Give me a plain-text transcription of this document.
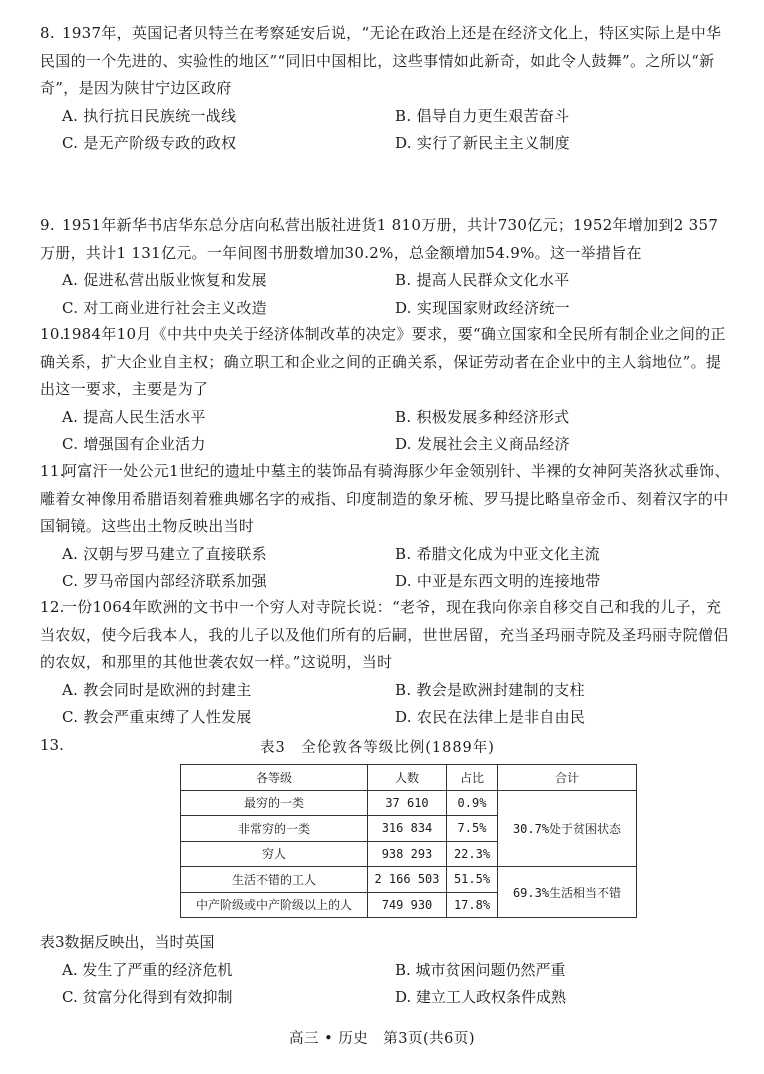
8. 1937年，英国记者贝特兰在考察延安后说，“无论在政治上还是在经济文化上，特区实际上是中华民国的一个先进的、实验性的地区”“同旧中国相比，这些事情如此新奇，如此令人鼓舞”。之所以“新奇”，是因为陕甘宁边区政府
A. 执行抗日民族统一战线	B. 倡导自力更生艰苦奋斗
C. 是无产阶级专政的政权	D. 实行了新民主主义制度
9. 1951年新华书店华东总分店向私营出版社进货1 810万册，共计730亿元；1952年增加到2 357万册，共计1 131亿元。一年间图书册数增加30.2%，总金额增加54.9%。这一举措旨在
A. 促进私营出版业恢复和发展	B. 提高人民群众文化水平
C. 对工商业进行社会主义改造	D. 实现国家财政经济统一
10.1984年10月《中共中央关于经济体制改革的决定》要求，要“确立国家和全民所有制企业之间的正确关系，扩大企业自主权；确立职工和企业之间的正确关系，保证劳动者在企业中的主人翁地位”。提出这一要求，主要是为了
A. 提高人民生活水平	B. 积极发展多种经济形式
C. 增强国有企业活力	D. 发展社会主义商品经济
11.阿富汗一处公元1世纪的遗址中墓主的装饰品有骑海豚少年金领别针、半裸的女神阿芙洛狄忒垂饰、雕着女神像用希腊语刻着雅典娜名字的戒指、印度制造的象牙梳、罗马提比略皇帝金币、刻着汉字的中国铜镜。这些出土物反映出当时
A. 汉朝与罗马建立了直接联系	B. 希腊文化成为中亚文化主流
C. 罗马帝国内部经济联系加强	D. 中亚是东西文明的连接地带
12.一份1064年欧洲的文书中一个穷人对寺院长说：“老爷，现在我向你亲自移交自己和我的儿子，充当农奴，使今后我本人，我的儿子以及他们所有的后嗣，世世居留，充当圣玛丽寺院及圣玛丽寺院僧侣的农奴，和那里的其他世袭农奴一样。”这说明，当时
A. 教会同时是欧洲的封建主	B. 教会是欧洲封建制的支柱
C. 教会严重束缚了人性发展	D. 农民在法律上是非自由民
13.	表3　全伦敦各等级比例(1889年)
各等级	人数	占比	合计
最穷的一类	37 610	0.9%	30.7%处于贫困状态
非常穷的一类	316 834	7.5%	
穷人	938 293	22.3%	
生活不错的工人	2 166 503	51.5%	69.3%生活相当不错
中产阶级或中产阶级以上的人	749 930	17.8%	
表3数据反映出，当时英国
A. 发生了严重的经济危机	B. 城市贫困问题仍然严重
C. 贫富分化得到有效抑制	D. 建立工人政权条件成熟
高三 • 历史　第3页(共6页)
